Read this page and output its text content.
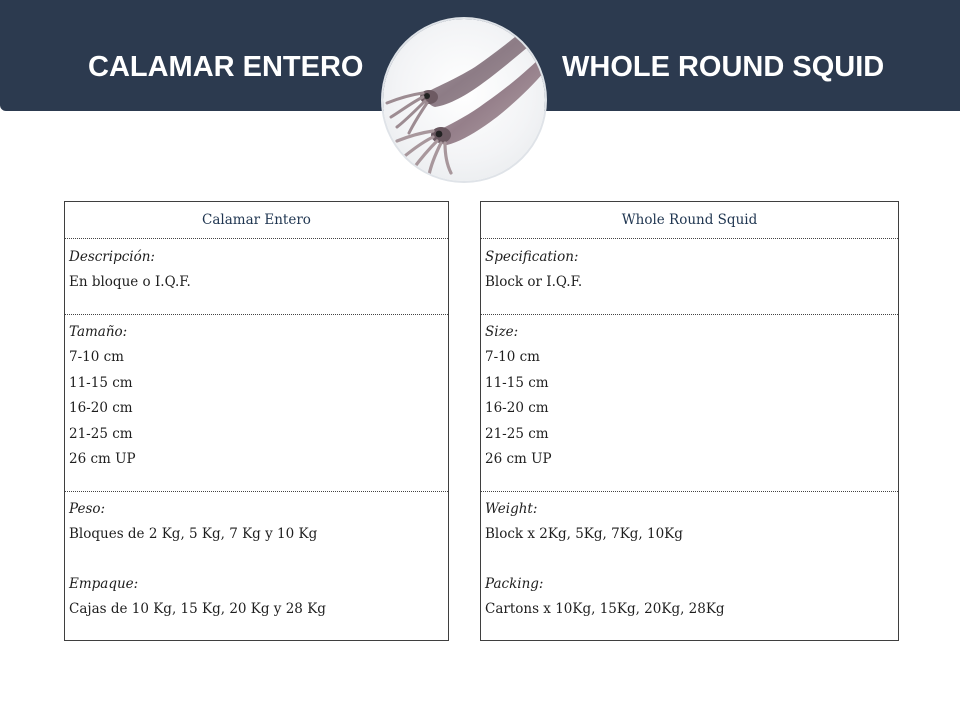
CALAMAR ENTERO	WHOLE ROUND SQUID
Calamar Entero
Descripción:
En bloque o I.Q.F.
Tamaño:
7-10 cm
11-15 cm
16-20 cm
21-25 cm
26 cm UP
Peso:
Bloques de 2 Kg, 5 Kg, 7 Kg y 10 Kg
Empaque:
Cajas de 10 Kg, 15 Kg, 20 Kg y 28 Kg
Whole Round Squid
Specification:
Block or I.Q.F.
Size:
7-10 cm
11-15 cm
16-20 cm
21-25 cm
26 cm UP
Weight:
Block x 2Kg, 5Kg, 7Kg, 10Kg
Packing:
Cartons x 10Kg, 15Kg, 20Kg, 28Kg
